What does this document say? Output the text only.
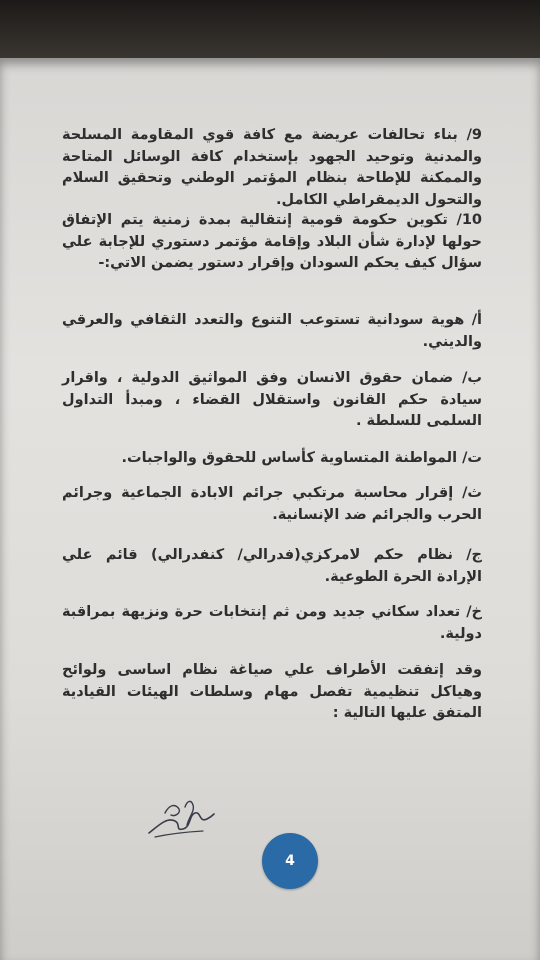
9/ بناء تحالفات عريضة مع كافة قوي المقاومة المسلحة والمدنية وتوحيد الجهود بإستخدام كافة الوسائل المتاحة والممكنة للإطاحة بنظام المؤتمر الوطني وتحقيق السلام والتحول الديمقراطي الكامل.
10/ تكوين حكومة قومية إنتقالية بمدة زمنية يتم الإتفاق حولها لإدارة شأن البلاد وإقامة مؤتمر دستوري للإجابة علي سؤال كيف يحكم السودان وإقرار دستور يضمن الاتي:-
أ/ هوية سودانية تستوعب التنوع والتعدد الثقافي والعرقي والديني.
ب/ ضمان حقوق الانسان وفق المواثيق الدولية ، واقرار سيادة حكم القانون واستقلال القضاء ، ومبدأ التداول السلمى للسلطة .
ت/ المواطنة المتساوية كأساس للحقوق والواجبات.
ث/ إقرار محاسبة مرتكبي جرائم الابادة الجماعية وجرائم الحرب والجرائم ضد الإنسانية.
ج/ نظام حكم لامركزي(فدرالي/ كنفدرالي) قائم علي الإرادة الحرة الطوعية.
خ/ تعداد سكاني جديد ومن ثم إنتخابات حرة ونزيهة بمراقبة دولية.
وقد إتفقت الأطراف علي صياغة نظام اساسى ولوائح وهياكل تنظيمية تفصل مهام وسلطات الهيئات القيادية المتفق عليها التالية :
4
